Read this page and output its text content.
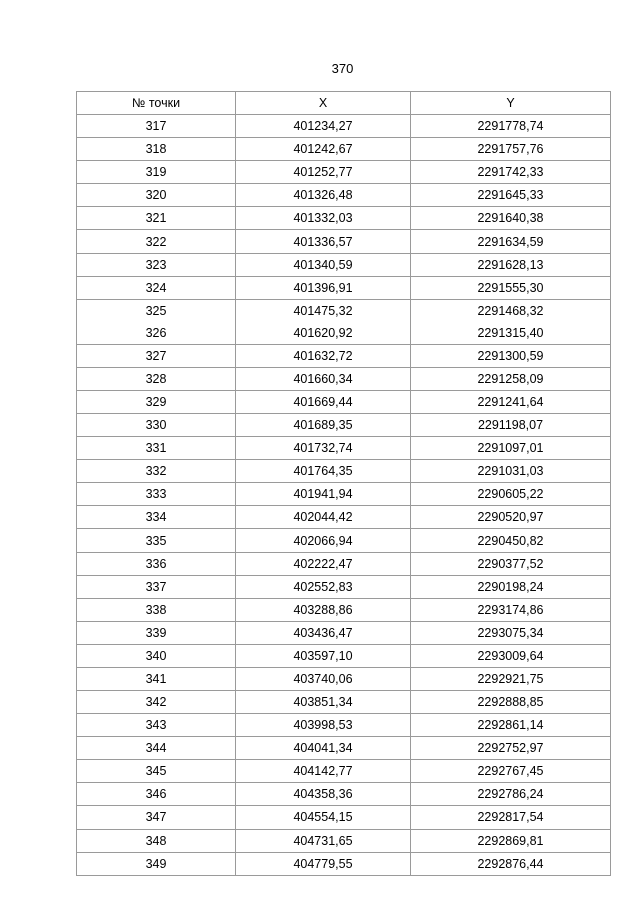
370
№ точки	X	Y
317	401234,27	2291778,74
318	401242,67	2291757,76
319	401252,77	2291742,33
320	401326,48	2291645,33
321	401332,03	2291640,38
322	401336,57	2291634,59
323	401340,59	2291628,13
324	401396,91	2291555,30
325	401475,32	2291468,32
326	401620,92	2291315,40
327	401632,72	2291300,59
328	401660,34	2291258,09
329	401669,44	2291241,64
330	401689,35	2291198,07
331	401732,74	2291097,01
332	401764,35	2291031,03
333	401941,94	2290605,22
334	402044,42	2290520,97
335	402066,94	2290450,82
336	402222,47	2290377,52
337	402552,83	2290198,24
338	403288,86	2293174,86
339	403436,47	2293075,34
340	403597,10	2293009,64
341	403740,06	2292921,75
342	403851,34	2292888,85
343	403998,53	2292861,14
344	404041,34	2292752,97
345	404142,77	2292767,45
346	404358,36	2292786,24
347	404554,15	2292817,54
348	404731,65	2292869,81
349	404779,55	2292876,44
